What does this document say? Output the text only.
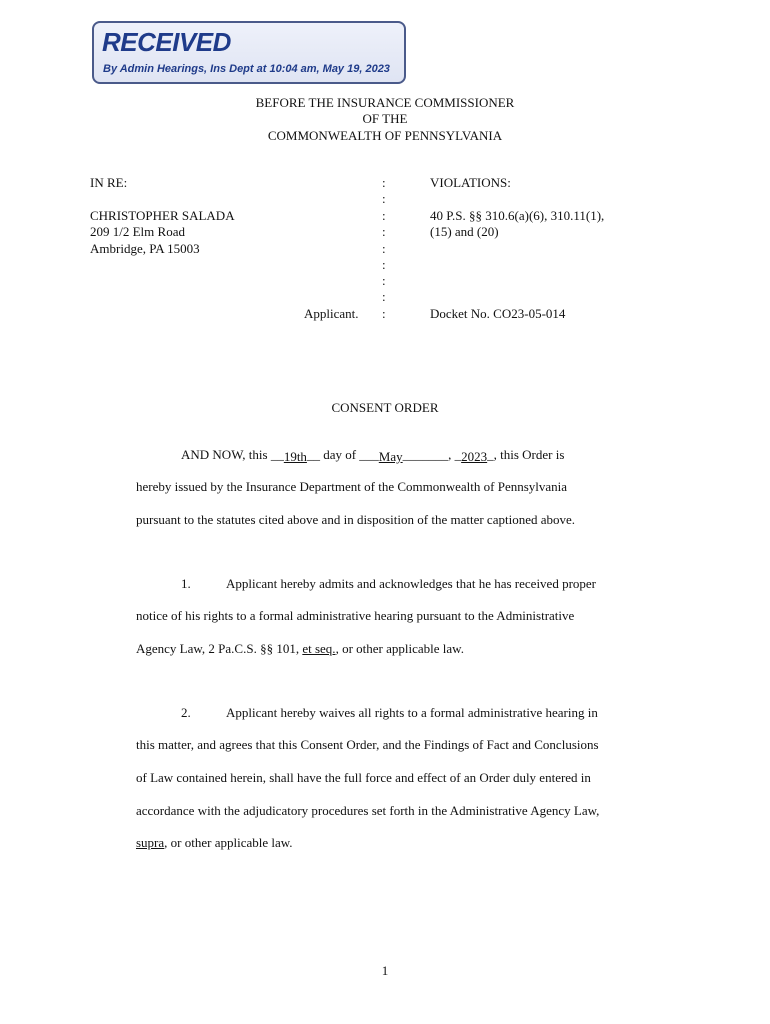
RECEIVED
By Admin Hearings, Ins Dept at 10:04 am, May 19, 2023
BEFORE THE INSURANCE COMMISSIONER
OF THE
COMMONWEALTH OF PENNSYLVANIA
IN RE:
CHRISTOPHER SALADA
209 1/2 Elm Road
Ambridge, PA 15003
Applicant.
:
:
:
:
:
:
:
:
:
VIOLATIONS:
40 P.S. §§ 310.6(a)(6), 310.11(1),
(15) and (20)
Docket No. CO23-05-014
CONSENT ORDER
AND NOW, this __19th__ day of ___May_______, _2023_, this Order is
hereby issued by the Insurance Department of the Commonwealth of Pennsylvania
pursuant to the statutes cited above and in disposition of the matter captioned above.
1.	Applicant hereby admits and acknowledges that he has received proper
notice of his rights to a formal administrative hearing pursuant to the Administrative
Agency Law, 2 Pa.C.S. §§ 101, et seq., or other applicable law.
2.	Applicant hereby waives all rights to a formal administrative hearing in
this matter, and agrees that this Consent Order, and the Findings of Fact and Conclusions
of Law contained herein, shall have the full force and effect of an Order duly entered in
accordance with the adjudicatory procedures set forth in the Administrative Agency Law,
supra, or other applicable law.
1
